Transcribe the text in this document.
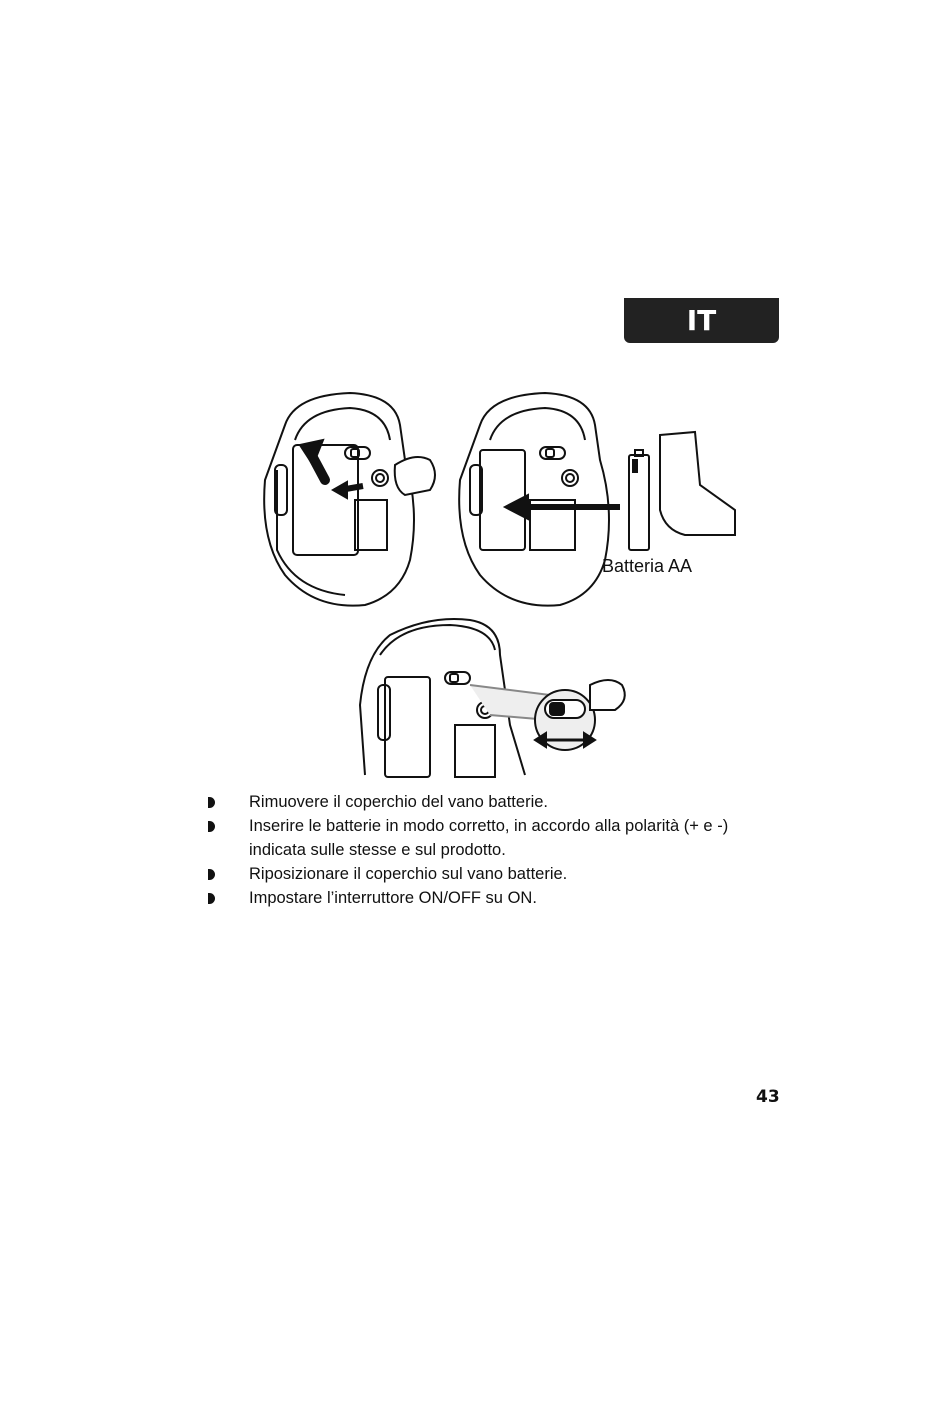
IT
Batteria AA
Rimuovere il coperchio del vano batterie.
Inserire le batterie in modo corretto, in accordo alla polarità (+ e -) indicata sulle stesse e sul prodotto.
Riposizionare il coperchio sul vano batterie.
Impostare l’interruttore ON/OFF su ON.
43
